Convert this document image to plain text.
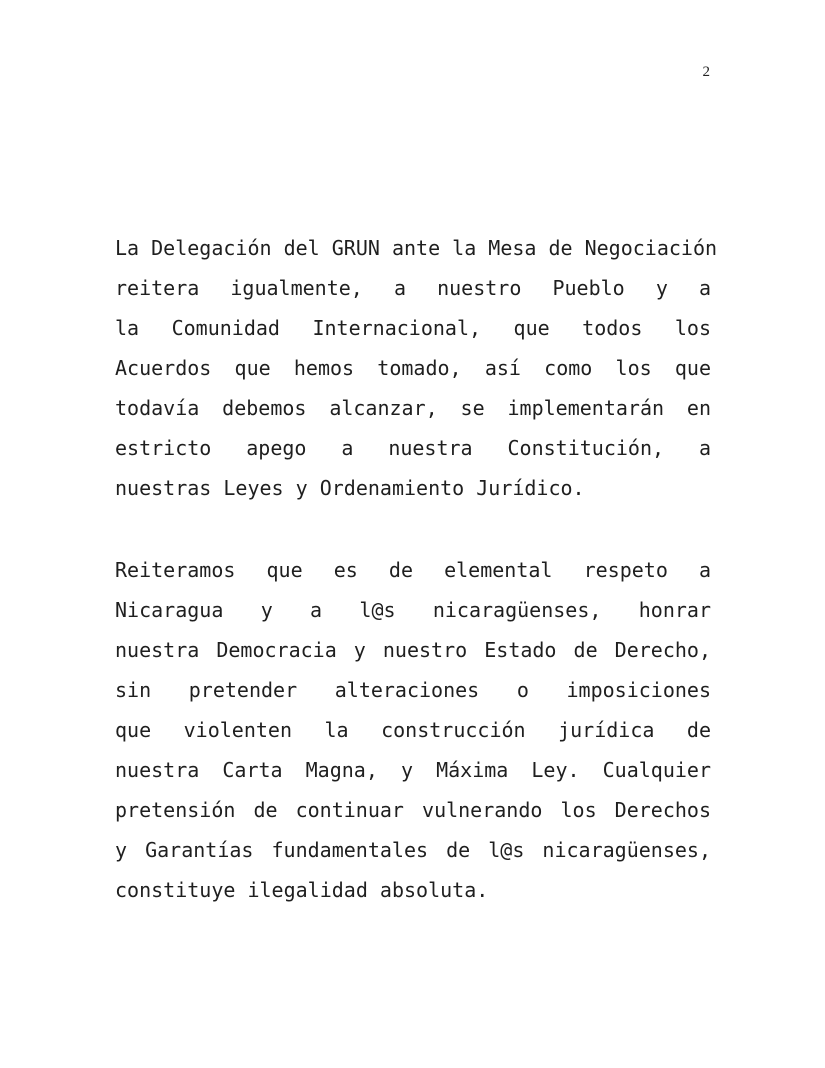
2
La Delegación del GRUN ante la Mesa de Negociación
reitera igualmente, a nuestro Pueblo y a
la Comunidad Internacional, que todos los
Acuerdos que hemos tomado, así como los que
todavía debemos alcanzar, se implementarán en
estricto apego a nuestra Constitución, a
nuestras Leyes y Ordenamiento Jurídico.
Reiteramos que es de elemental respeto a
Nicaragua y a l@s nicaragüenses, honrar
nuestra Democracia y nuestro Estado de Derecho,
sin pretender alteraciones o imposiciones
que violenten la construcción jurídica de
nuestra Carta Magna, y Máxima Ley. Cualquier
pretensión de continuar vulnerando los Derechos
y Garantías fundamentales de l@s nicaragüenses,
constituye ilegalidad absoluta.
